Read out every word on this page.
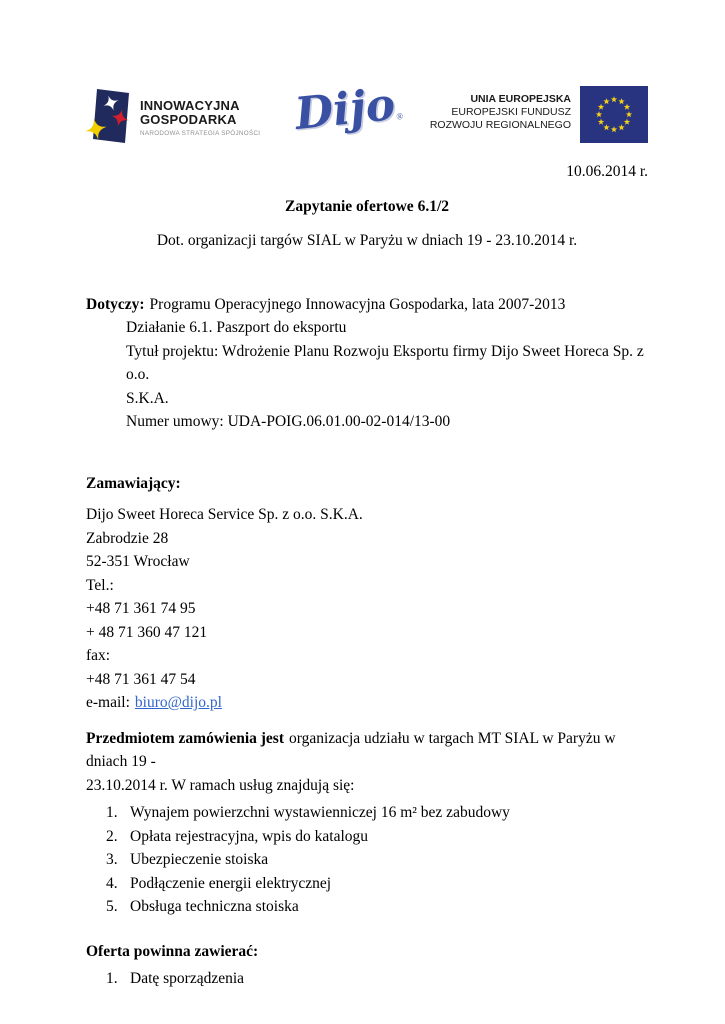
INNOWACYJNA
GOSPODARKA
NARODOWA STRATEGIA SPÓJNOŚCI Dijo
®
UNIA EUROPEJSKA
EUROPEJSKI FUNDUSZ
ROZWOJU REGIONALNEGO
10.06.2014 r.
Zapytanie ofertowe 6.1/2
Dot. organizacji targów SIAL w Paryżu w dniach 19 - 23.10.2014 r.
Dotyczy: Programu Operacyjnego Innowacyjna Gospodarka, lata 2007-2013
Działanie 6.1. Paszport do eksportu
Tytuł projektu: Wdrożenie Planu Rozwoju Eksportu firmy Dijo Sweet Horeca Sp. z o.o.
S.K.A.
Numer umowy: UDA-POIG.06.01.00-02-014/13-00
Zamawiający:
Dijo Sweet Horeca Service Sp. z o.o. S.K.A.
Zabrodzie 28
52-351 Wrocław
Tel.:
+48 71 361 74 95
+ 48 71 360 47 121
fax:
+48 71 361 47 54
e-mail: biuro@dijo.pl
Przedmiotem zamówienia jest organizacja udziału w targach MT SIAL w Paryżu w dniach 19 -
23.10.2014 r. W ramach usług znajdują się:
1. Wynajem powierzchni wystawienniczej 16 m² bez zabudowy
2. Opłata rejestracyjna, wpis do katalogu
3. Ubezpieczenie stoiska
4. Podłączenie energii elektrycznej
5. Obsługa techniczna stoiska
Oferta powinna zawierać:
1. Datę sporządzenia
